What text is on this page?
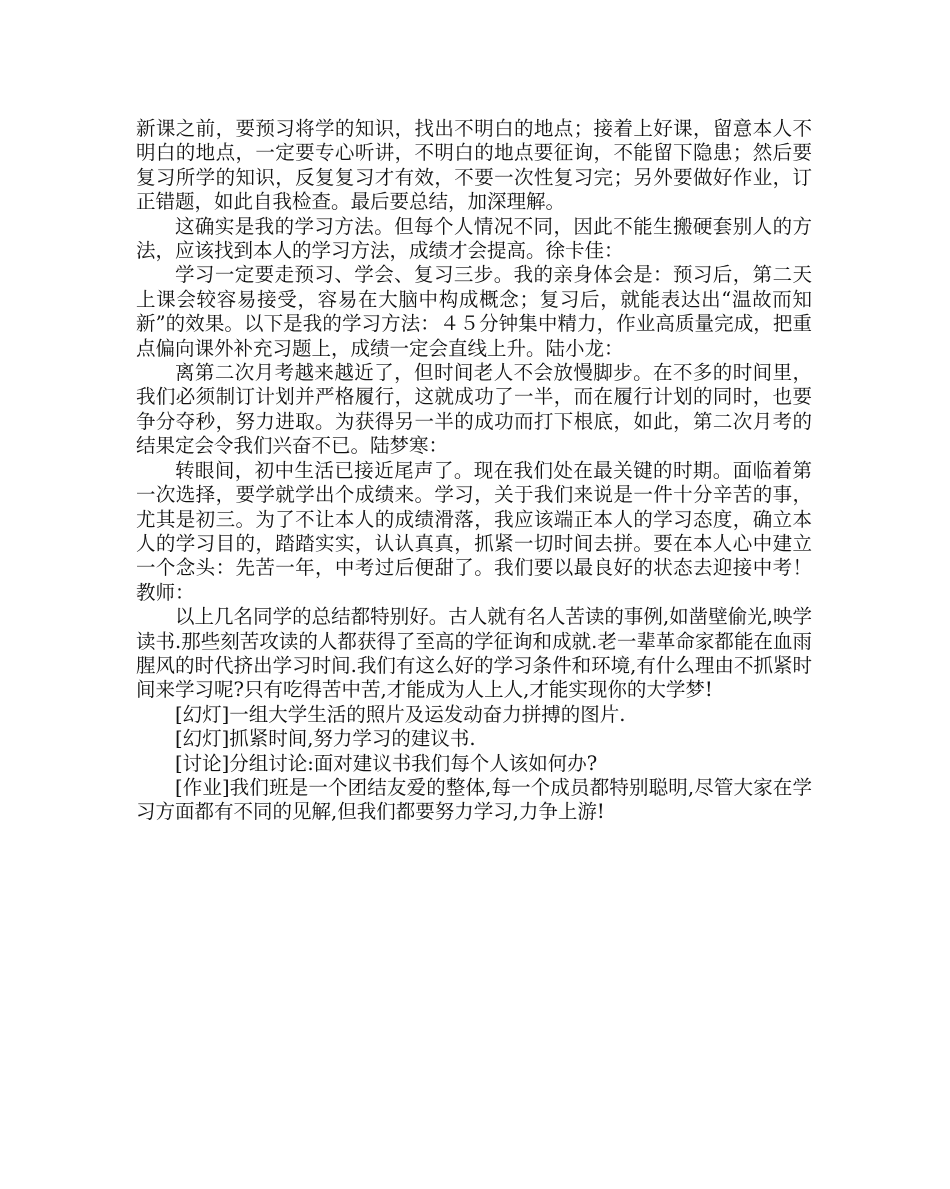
新课之前，要预习将学的知识，找出不明白的地点；接着上好课，留意本人不明白的地点，一定要专心听讲，不明白的地点要征询，不能留下隐患；然后要复习所学的知识，反复复习才有效，不要一次性复习完；另外要做好作业，订正错题，如此自我检查。最后要总结，加深理解。

这确实是我的学习方法。但每个人情况不同，因此不能生搬硬套别人的方法，应该找到本人的学习方法，成绩才会提高。徐卡佳：

学习一定要走预习、学会、复习三步。我的亲身体会是：预习后，第二天上课会较容易接受，容易在大脑中构成概念；复习后，就能表达出“温故而知新”的效果。以下是我的学习方法：４５分钟集中精力，作业高质量完成，把重点偏向课外补充习题上，成绩一定会直线上升。陆小龙：

离第二次月考越来越近了，但时间老人不会放慢脚步。在不多的时间里，我们必须制订计划并严格履行，这就成功了一半，而在履行计划的同时，也要争分夺秒，努力进取。为获得另一半的成功而打下根底，如此，第二次月考的结果定会令我们兴奋不已。陆梦寒：

转眼间，初中生活已接近尾声了。现在我们处在最关键的时期。面临着第一次选择，要学就学出个成绩来。学习，关于我们来说是一件十分辛苦的事，尤其是初三。为了不让本人的成绩滑落，我应该端正本人的学习态度，确立本人的学习目的，踏踏实实，认认真真，抓紧一切时间去拼。要在本人心中建立一个念头：先苦一年，中考过后便甜了。我们要以最良好的状态去迎接中考！教师：

以上几名同学的总结都特别好。古人就有名人苦读的事例,如凿壁偷光,映学读书.那些刻苦攻读的人都获得了至高的学征询和成就.老一辈革命家都能在血雨腥风的时代挤出学习时间.我们有这么好的学习条件和环境,有什么理由不抓紧时间来学习呢?只有吃得苦中苦,才能成为人上人,才能实现你的大学梦!

[幻灯]一组大学生活的照片及运发动奋力拼搏的图片.

[幻灯]抓紧时间,努力学习的建议书.

[讨论]分组讨论:面对建议书我们每个人该如何办?

[作业]我们班是一个团结友爱的整体,每一个成员都特别聪明,尽管大家在学习方面都有不同的见解,但我们都要努力学习,力争上游!
